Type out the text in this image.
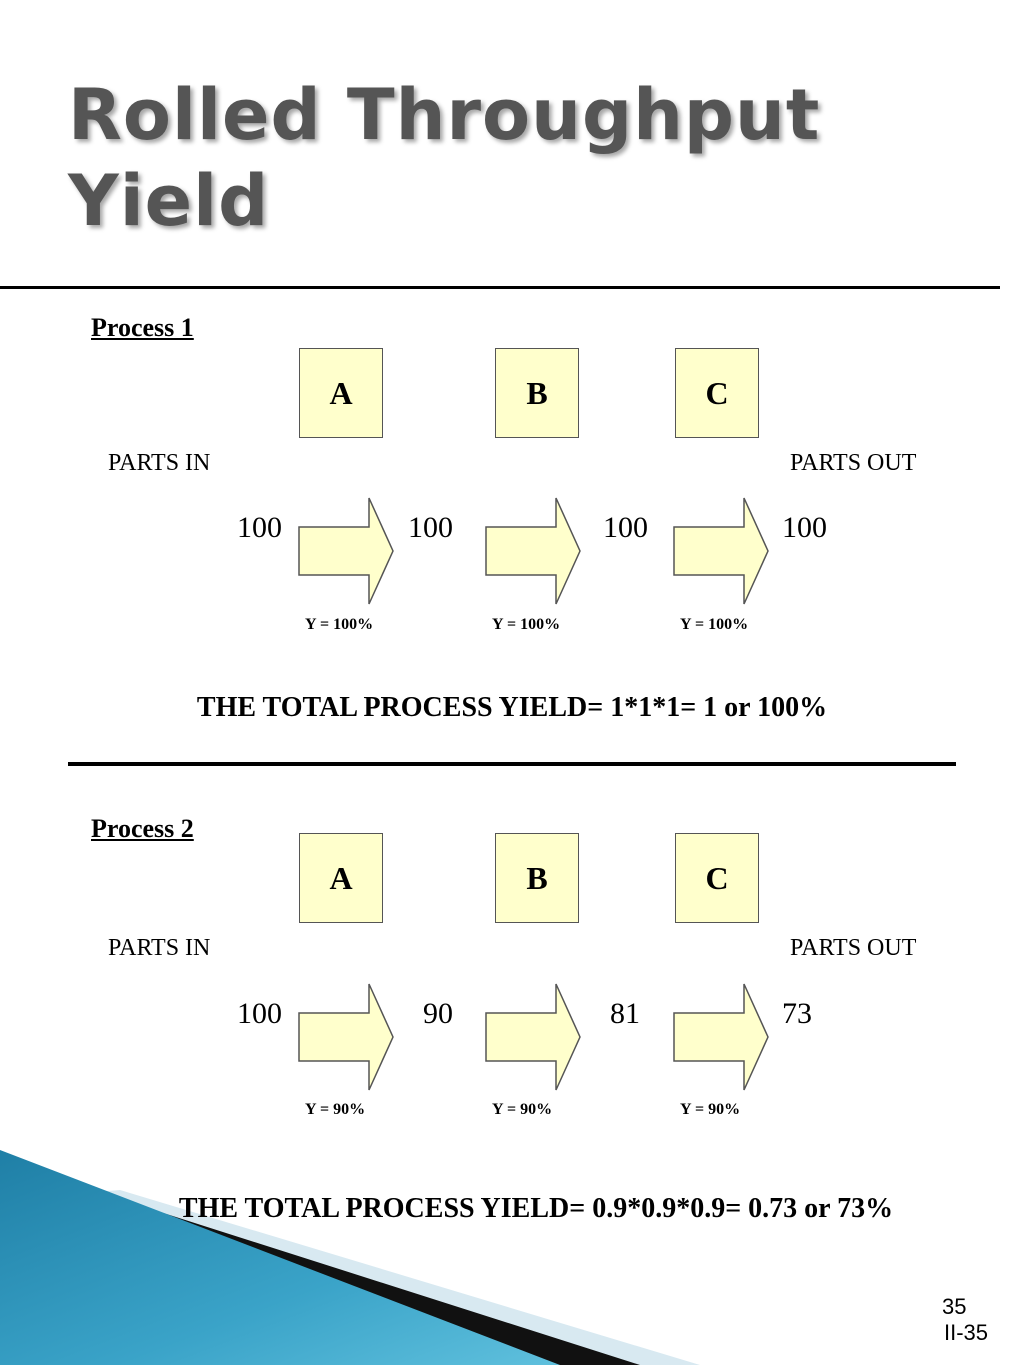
Rolled Throughput Yield
Process 1
A	B	C
PARTS IN	PARTS OUT
100	100	100	100
Y = 100%	Y = 100%	Y = 100%
THE TOTAL PROCESS YIELD= 1*1*1= 1 or 100%
Process 2
A	B	C
PARTS IN	PARTS OUT
100	90	81	73
Y = 90%	Y = 90%	Y = 90%
THE TOTAL PROCESS YIELD= 0.9*0.9*0.9= 0.73 or 73%
35
II-35
